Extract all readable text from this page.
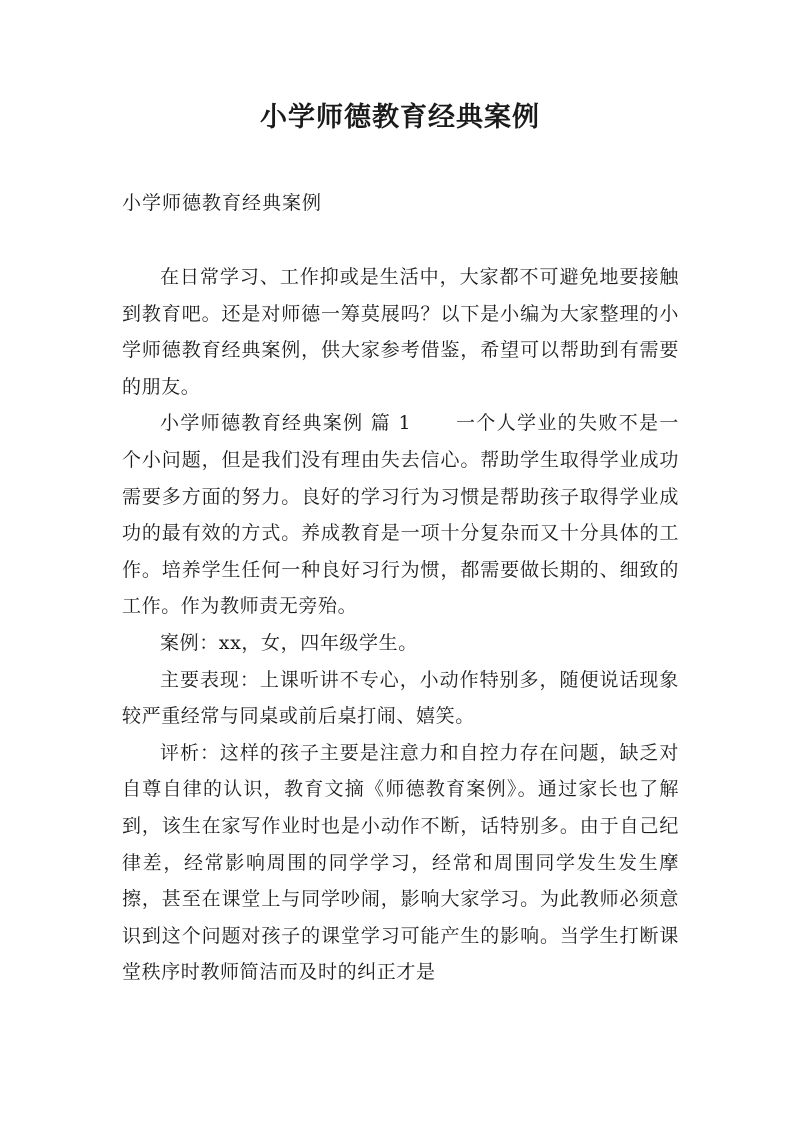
小学师德教育经典案例

小学师德教育经典案例

在日常学习、工作抑或是生活中，大家都不可避免地要接触到教育吧。还是对师德一筹莫展吗？以下是小编为大家整理的小学师德教育经典案例，供大家参考借鉴，希望可以帮助到有需要的朋友。

小学师德教育经典案例 篇 1 一个人学业的失败不是一个小问题，但是我们没有理由失去信心。帮助学生取得学业成功需要多方面的努力。良好的学习行为习惯是帮助孩子取得学业成功的最有效的方式。养成教育是一项十分复杂而又十分具体的工作。培养学生任何一种良好习行为惯，都需要做长期的、细致的工作。作为教师责无旁殆。

案例：xx，女，四年级学生。

主要表现：上课听讲不专心，小动作特别多，随便说话现象较严重经常与同桌或前后桌打闹、嬉笑。

评析：这样的孩子主要是注意力和自控力存在问题，缺乏对自尊自律的认识，教育文摘《师德教育案例》。通过家长也了解到，该生在家写作业时也是小动作不断，话特别多。由于自己纪律差，经常影响周围的同学学习，经常和周围同学发生发生摩擦，甚至在课堂上与同学吵闹，影响大家学习。为此教师必须意识到这个问题对孩子的课堂学习可能产生的影响。当学生打断课堂秩序时教师简洁而及时的纠正才是
